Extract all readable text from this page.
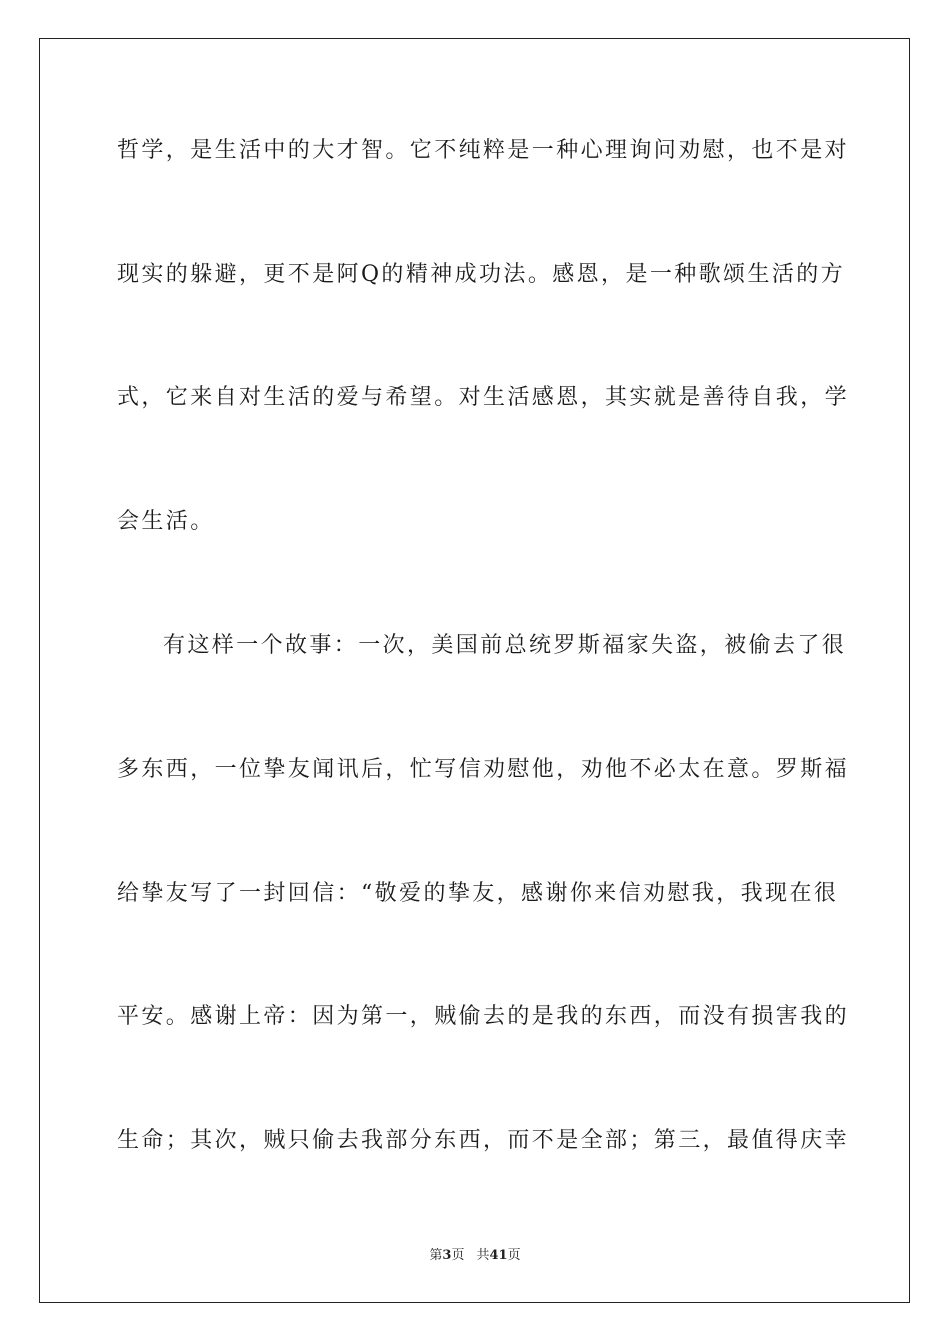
哲学，是生活中的大才智。它不纯粹是一种心理询问劝慰，也不是对
现实的躲避，更不是阿Q的精神成功法。感恩，是一种歌颂生活的方
式，它来自对生活的爱与希望。对生活感恩，其实就是善待自我，学
会生活。
有这样一个故事：一次，美国前总统罗斯福家失盗，被偷去了很
多东西，一位挚友闻讯后，忙写信劝慰他，劝他不必太在意。罗斯福
给挚友写了一封回信：“敬爱的挚友，感谢你来信劝慰我，我现在很
平安。感谢上帝：因为第一，贼偷去的是我的东西，而没有损害我的
生命；其次，贼只偷去我部分东西，而不是全部；第三，最值得庆幸
第3页 共41页
